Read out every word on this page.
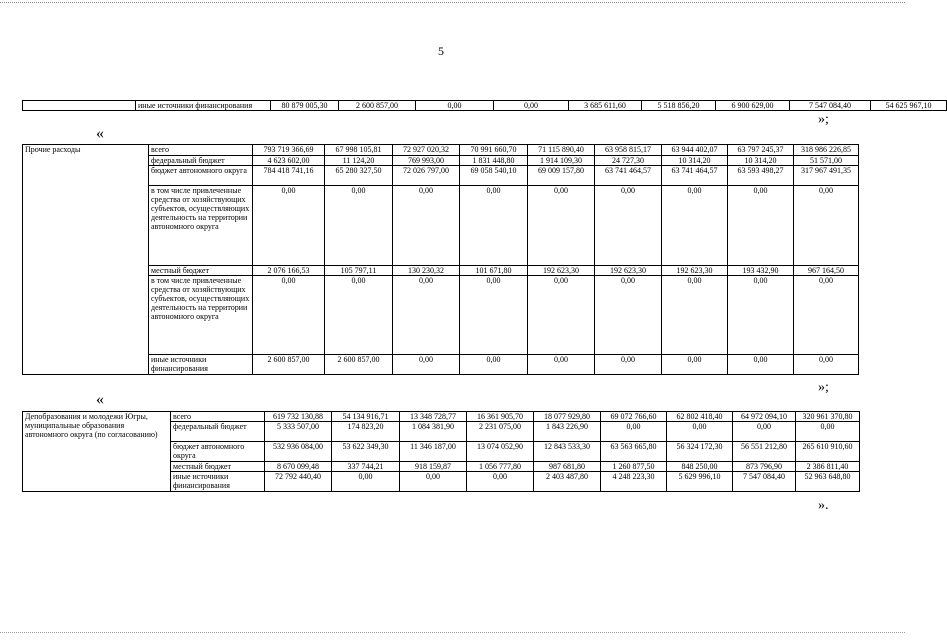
5
	иные источники финансирования	80 879 005,30	2 600 857,00	0,00	0,00	3 685 611,60	5 518 856,20	6 900 629,00	7 547 084,40	54 625 967,10
»;
«
Прочие расходы	всего	793 719 366,69	67 998 105,81	72 927 020,32	70 991 660,70	71 115 890,40	63 958 815,17	63 944 402,07	63 797 245,37	318 986 226,85
	федеральный бюджет	4 623 602,00	11 124,20	769 993,00	1 831 448,80	1 914 109,30	24 727,30	10 314,20	10 314,20	51 571,00
	бюджет автономного округа	784 418 741,16	65 280 327,50	72 026 797,00	69 058 540,10	69 009 157,80	63 741 464,57	63 741 464,57	63 593 498,27	317 967 491,35
	в том числе привлеченные средства от хозяйствующих субъектов, осуществляющих деятельность на территории автономного округа	0,00	0,00	0,00	0,00	0,00	0,00	0,00	0,00	0,00
	местный бюджет	2 076 166,53	105 797,11	130 230,32	101 671,80	192 623,30	192 623,30	192 623,30	193 432,90	967 164,50
	в том числе привлеченные средства от хозяйствующих субъектов, осуществляющих деятельность на территории автономного округа	0,00	0,00	0,00	0,00	0,00	0,00	0,00	0,00	0,00
	иные источники финансирования	2 600 857,00	2 600 857,00	0,00	0,00	0,00	0,00	0,00	0,00	0,00
»;
«
Депобразования и молодежи Югры, муниципальные образования автономного округа (по согласованию)	всего	619 732 130,88	54 134 916,71	13 348 728,77	16 361 905,70	18 077 929,80	69 072 766,60	62 802 418,40	64 972 094,10	320 961 370,80
	федеральный бюджет	5 333 507,00	174 823,20	1 084 381,90	2 231 075,00	1 843 226,90	0,00	0,00	0,00	0,00
	бюджет автономного округа	532 936 084,00	53 622 349,30	11 346 187,00	13 074 052,90	12 843 533,30	63 563 665,80	56 324 172,30	56 551 212,80	265 610 910,60
	местный бюджет	8 670 099,48	337 744,21	918 159,87	1 056 777,80	987 681,80	1 260 877,50	848 250,00	873 796,90	2 386 811,40
	иные источники финансирования	72 792 440,40	0,00	0,00	0,00	2 403 487,80	4 248 223,30	5 629 996,10	7 547 084,40	52 963 648,80
».
